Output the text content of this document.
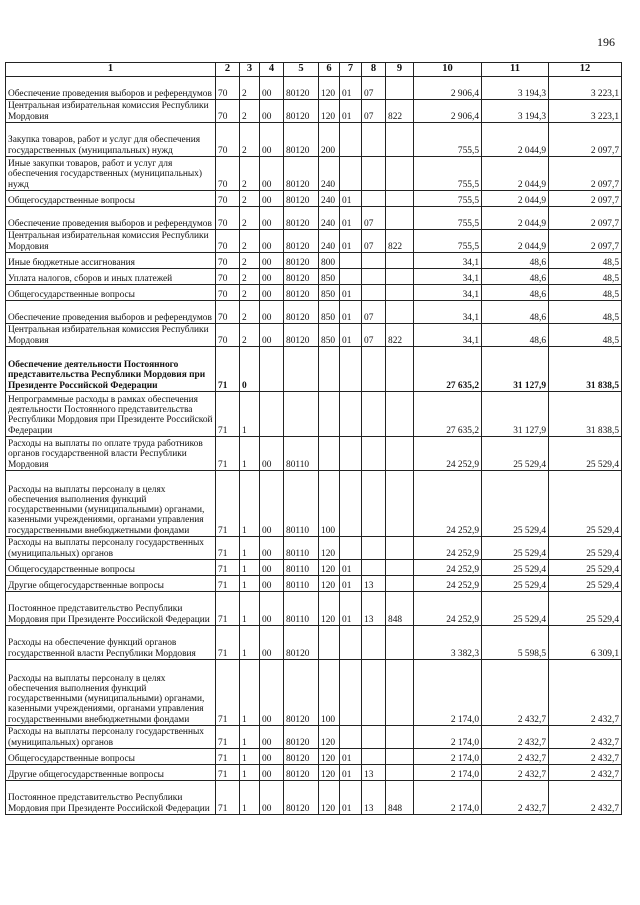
196
1	2	3	4	5	6	7	8	9	10	11	12
Обеспечение проведения выборов и референдумов	70	2	00	80120	120	01	07		2 906,4	3 194,3	3 223,1
Центральная избирательная комиссия Республики Мордовия	70	2	00	80120	120	01	07	822	2 906,4	3 194,3	3 223,1
Закупка товаров, работ и услуг для обеспечения государственных (муниципальных) нужд	70	2	00	80120	200				755,5	2 044,9	2 097,7
Иные закупки товаров, работ и услуг для обеспечения государственных (муниципальных) нужд	70	2	00	80120	240				755,5	2 044,9	2 097,7
Общегосударственные вопросы	70	2	00	80120	240	01			755,5	2 044,9	2 097,7
Обеспечение проведения выборов и референдумов	70	2	00	80120	240	01	07		755,5	2 044,9	2 097,7
Центральная избирательная комиссия Республики Мордовия	70	2	00	80120	240	01	07	822	755,5	2 044,9	2 097,7
Иные бюджетные ассигнования	70	2	00	80120	800				34,1	48,6	48,5
Уплата налогов, сборов и иных платежей	70	2	00	80120	850				34,1	48,6	48,5
Общегосударственные вопросы	70	2	00	80120	850	01			34,1	48,6	48,5
Обеспечение проведения выборов и референдумов	70	2	00	80120	850	01	07		34,1	48,6	48,5
Центральная избирательная комиссия Республики Мордовия	70	2	00	80120	850	01	07	822	34,1	48,6	48,5
Обеспечение деятельности Постоянного представительства Республики Мордовия при Президенте Российской Федерации	71	0							27 635,2	31 127,9	31 838,5
Непрограммные расходы в рамках обеспечения деятельности Постоянного представительства Республики Мордовия при Президенте Российской Федерации	71	1							27 635,2	31 127,9	31 838,5
Расходы на выплаты по оплате труда работников органов государственной власти Республики Мордовия	71	1	00	80110					24 252,9	25 529,4	25 529,4
Расходы на выплаты персоналу в целях обеспечения выполнения функций государственными (муниципальными) органами, казенными учреждениями, органами управления государственными внебюджетными фондами	71	1	00	80110	100				24 252,9	25 529,4	25 529,4
Расходы на выплаты персоналу государственных (муниципальных) органов	71	1	00	80110	120				24 252,9	25 529,4	25 529,4
Общегосударственные вопросы	71	1	00	80110	120	01			24 252,9	25 529,4	25 529,4
Другие общегосударственные вопросы	71	1	00	80110	120	01	13		24 252,9	25 529,4	25 529,4
Постоянное представительство Республики Мордовия при Президенте Российской Федерации	71	1	00	80110	120	01	13	848	24 252,9	25 529,4	25 529,4
Расходы на обеспечение функций органов государственной власти Республики Мордовия	71	1	00	80120					3 382,3	5 598,5	6 309,1
Расходы на выплаты персоналу в целях обеспечения выполнения функций государственными (муниципальными) органами, казенными учреждениями, органами управления государственными внебюджетными фондами	71	1	00	80120	100				2 174,0	2 432,7	2 432,7
Расходы на выплаты персоналу государственных (муниципальных) органов	71	1	00	80120	120				2 174,0	2 432,7	2 432,7
Общегосударственные вопросы	71	1	00	80120	120	01			2 174,0	2 432,7	2 432,7
Другие общегосударственные вопросы	71	1	00	80120	120	01	13		2 174,0	2 432,7	2 432,7
Постоянное представительство Республики Мордовия при Президенте Российской Федерации	71	1	00	80120	120	01	13	848	2 174,0	2 432,7	2 432,7
